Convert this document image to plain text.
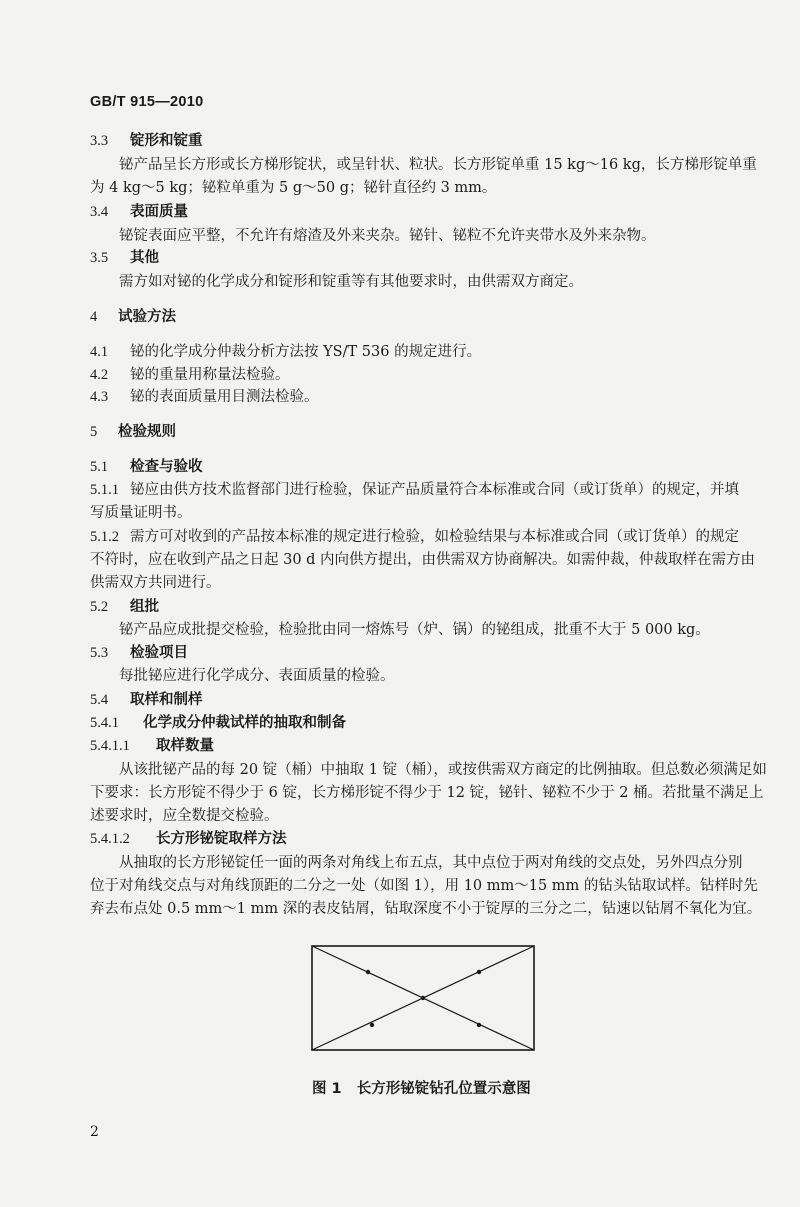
GB/T 915—2010
3.3 锭形和锭重
铋产品呈长方形或长方梯形锭状，或呈针状、粒状。长方形锭单重 15 kg～16 kg，长方梯形锭单重
为 4 kg～5 kg；铋粒单重为 5 g～50 g；铋针直径约 3 mm。
3.4 表面质量
铋锭表面应平整，不允许有熔渣及外来夹杂。铋针、铋粒不允许夹带水及外来杂物。
3.5 其他
需方如对铋的化学成分和锭形和锭重等有其他要求时，由供需双方商定。
4 试验方法
4.1 铋的化学成分仲裁分析方法按 YS/T 536 的规定进行。
4.2 铋的重量用称量法检验。
4.3 铋的表面质量用目测法检验。
5 检验规则
5.1 检查与验收
5.1.1 铋应由供方技术监督部门进行检验，保证产品质量符合本标准或合同（或订货单）的规定，并填
写质量证明书。
5.1.2 需方可对收到的产品按本标准的规定进行检验，如检验结果与本标准或合同（或订货单）的规定
不符时，应在收到产品之日起 30 d 内向供方提出，由供需双方协商解决。如需仲裁，仲裁取样在需方由
供需双方共同进行。
5.2 组批
铋产品应成批提交检验，检验批由同一熔炼号（炉、锅）的铋组成，批重不大于 5 000 kg。
5.3 检验项目
每批铋应进行化学成分、表面质量的检验。
5.4 取样和制样
5.4.1 化学成分仲裁试样的抽取和制备
5.4.1.1 取样数量
从该批铋产品的每 20 锭（桶）中抽取 1 锭（桶），或按供需双方商定的比例抽取。但总数必须满足如
下要求：长方形锭不得少于 6 锭，长方梯形锭不得少于 12 锭，铋针、铋粒不少于 2 桶。若批量不满足上
述要求时，应全数提交检验。
5.4.1.2 长方形铋锭取样方法
从抽取的长方形铋锭任一面的两条对角线上布五点，其中点位于两对角线的交点处，另外四点分别
位于对角线交点与对角线顶距的二分之一处（如图 1），用 10 mm～15 mm 的钻头钻取试样。钻样时先
弃去布点处 0.5 mm～1 mm 深的表皮钻屑，钻取深度不小于锭厚的三分之二，钻速以钻屑不氧化为宜。
图 1 长方形铋锭钻孔位置示意图
2
